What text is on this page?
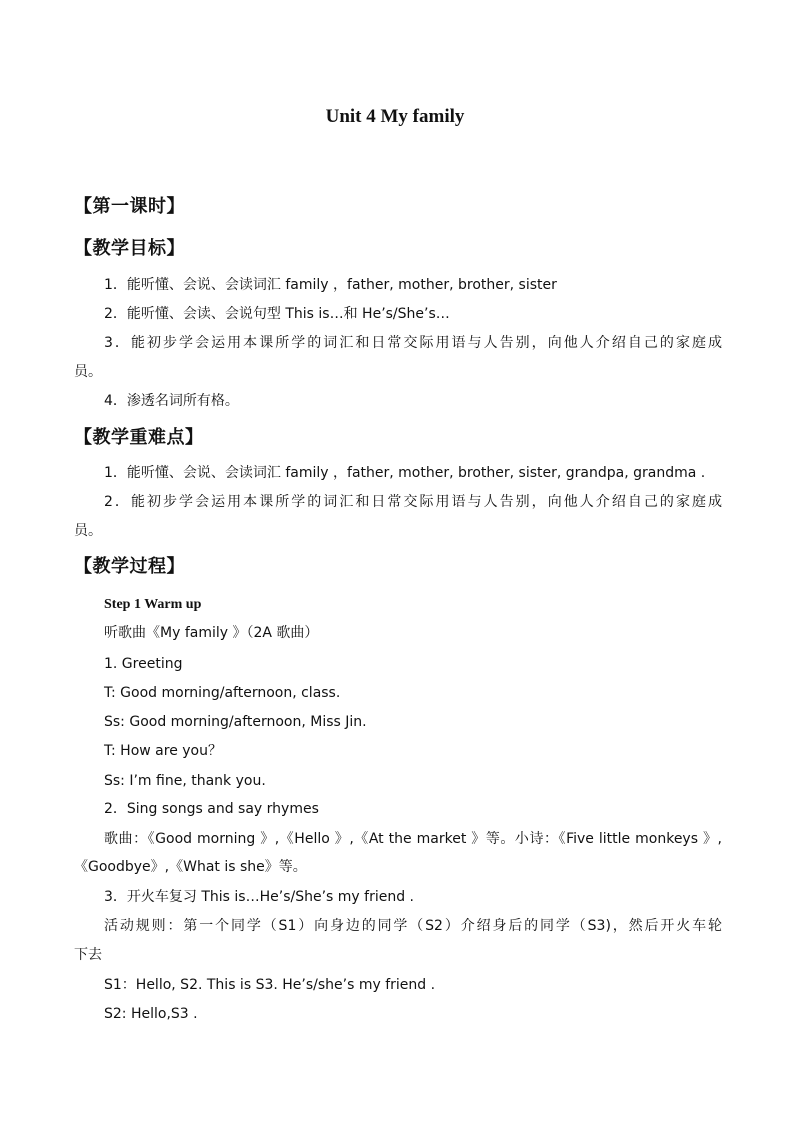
Unit 4 My family
【第一课时】
【教学目标】
1．能听懂、会说、会读词汇 family ，father, mother, brother, sister
2．能听懂、会读、会说句型 This is…和 He’s/She’s…
3．能初步学会运用本课所学的词汇和日常交际用语与人告别，向他人介绍自己的家庭成
员。
4．渗透名词所有格。
【教学重难点】
1．能听懂、会说、会读词汇 family ，father, mother, brother, sister, grandpa, grandma .
2．能初步学会运用本课所学的词汇和日常交际用语与人告别，向他人介绍自己的家庭成
员。
【教学过程】
Step 1 Warm up
听歌曲《My family 》（2A 歌曲）
1. Greeting
T: Good morning/afternoon, class.
Ss: Good morning/afternoon, Miss Jin.
T: How are you？
Ss: I’m fine, thank you.
2．Sing songs and say rhymes
歌曲：《Good morning 》,《Hello 》,《At the market 》等。小诗：《Five little monkeys 》,
《Goodbye》,《What is she》等。
3．开火车复习 This is…He’s/She’s my friend .
活动规则：第一个同学（S1）向身边的同学（S2）介绍身后的同学（S3)，然后开火车轮
下去
S1：Hello, S2. This is S3. He’s/she’s my friend .
S2: Hello,S3 .
